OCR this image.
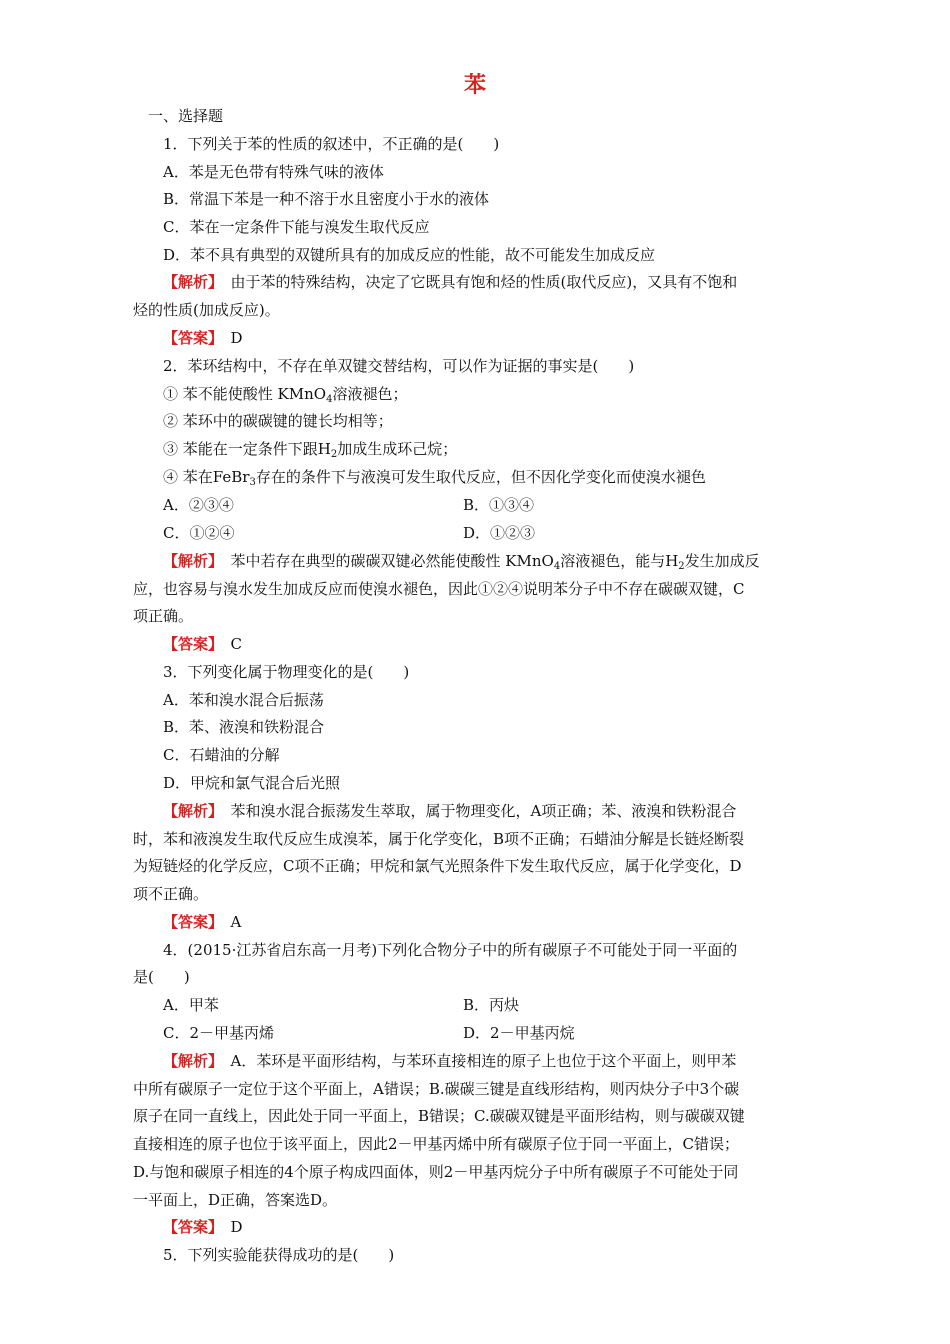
苯
一、选择题
1．下列关于苯的性质的叙述中，不正确的是(　　)
A．苯是无色带有特殊气味的液体
B．常温下苯是一种不溶于水且密度小于水的液体
C．苯在一定条件下能与溴发生取代反应
D．苯不具有典型的双键所具有的加成反应的性能，故不可能发生加成反应
【解析】　 由于苯的特殊结构，决定了它既具有饱和烃的性质(取代反应)，又具有不饱和
烃的性质(加成反应)。
【答案】　 D
2．苯环结构中，不存在单双键交替结构，可以作为证据的事实是(　　)
① 苯不能使酸性 KMnO$_4$溶液褪色；
② 苯环中的碳碳键的键长均相等；
③ 苯能在一定条件下跟$H_2$加成生成环己烷；
④ 苯在FeBr$_3$存在的条件下与液溴可发生取代反应，但不因化学变化而使溴水褪色
A．②③④	B．①③④
C．①②④	D．①②③
【解析】　 苯中若存在典型的碳碳双键必然能使酸性 KMnO$_4$溶液褪色，能与$H_2$发生加成反
应，也容易与溴水发生加成反应而使溴水褪色，因此①②④说明苯分子中不存在碳碳双键，C
项正确。
【答案】　 C
3．下列变化属于物理变化的是(　　)
A．苯和溴水混合后振荡
B．苯、液溴和铁粉混合
C．石蜡油的分解
D．甲烷和氯气混合后光照
【解析】　 苯和溴水混合振荡发生萃取，属于物理变化，A项正确；苯、液溴和铁粉混合
时，苯和液溴发生取代反应生成溴苯，属于化学变化，B项不正确；石蜡油分解是长链烃断裂
为短链烃的化学反应，C项不正确；甲烷和氯气光照条件下发生取代反应，属于化学变化，D
项不正确。
【答案】　 A
4．(2015·江苏省启东高一月考)下列化合物分子中的所有碳原子不可能处于同一平面的
是(　　)
A．甲苯	B．丙炔
C．2－甲基丙烯	D．2－甲基丙烷
【解析】　 A．苯环是平面形结构，与苯环直接相连的原子上也位于这个平面上，则甲苯
中所有碳原子一定位于这个平面上，A错误；B.碳碳三键是直线形结构，则丙炔分子中3个碳
原子在同一直线上，因此处于同一平面上，B错误；C.碳碳双键是平面形结构，则与碳碳双键
直接相连的原子也位于该平面上，因此2－甲基丙烯中所有碳原子位于同一平面上，C错误；
D.与饱和碳原子相连的4个原子构成四面体，则2－甲基丙烷分子中所有碳原子不可能处于同
一平面上，D正确，答案选D。
【答案】　 D
5．下列实验能获得成功的是(　　)
